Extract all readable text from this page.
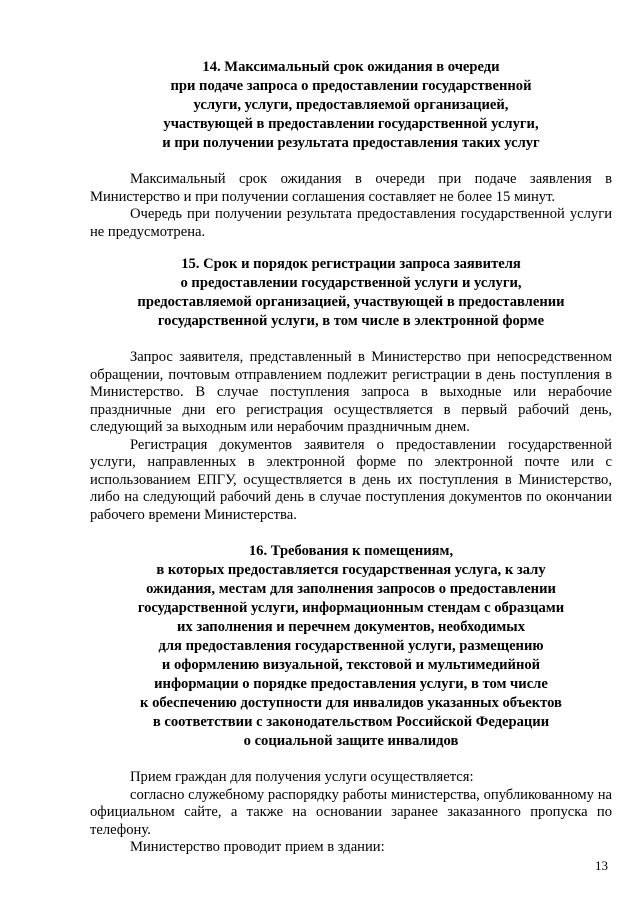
14. Максимальный срок ожидания в очереди
при подаче запроса о предоставлении государственной
услуги, услуги, предоставляемой организацией,
участвующей в предоставлении государственной услуги,
и при получении результата предоставления таких услуг

Максимальный срок ожидания в очереди при подаче заявления в Министерство и при получении соглашения составляет не более 15 минут.

Очередь при получении результата предоставления государственной услуги не предусмотрена.

15. Срок и порядок регистрации запроса заявителя
о предоставлении государственной услуги и услуги,
предоставляемой организацией, участвующей в предоставлении
государственной услуги, в том числе в электронной форме

Запрос заявителя, представленный в Министерство при непосредственном обращении, почтовым отправлением подлежит регистрации в день поступления в Министерство. В случае поступления запроса в выходные или нерабочие праздничные дни его регистрация осуществляется в первый рабочий день, следующий за выходным или нерабочим праздничным днем.

Регистрация документов заявителя о предоставлении государственной услуги, направленных в электронной форме по электронной почте или с использованием ЕПГУ, осуществляется в день их поступления в Министерство, либо на следующий рабочий день в случае поступления документов по окончании рабочего времени Министерства.

16. Требования к помещениям,
в которых предоставляется государственная услуга, к залу
ожидания, местам для заполнения запросов о предоставлении
государственной услуги, информационным стендам с образцами
их заполнения и перечнем документов, необходимых
для предоставления государственной услуги, размещению
и оформлению визуальной, текстовой и мультимедийной
информации о порядке предоставления услуги, в том числе
к обеспечению доступности для инвалидов указанных объектов
в соответствии с законодательством Российской Федерации
о социальной защите инвалидов

Прием граждан для получения услуги осуществляется:

согласно служебному распорядку работы министерства, опубликованному на официальном сайте, а также на основании заранее заказанного пропуска по телефону.

Министерство проводит прием в здании:

13
